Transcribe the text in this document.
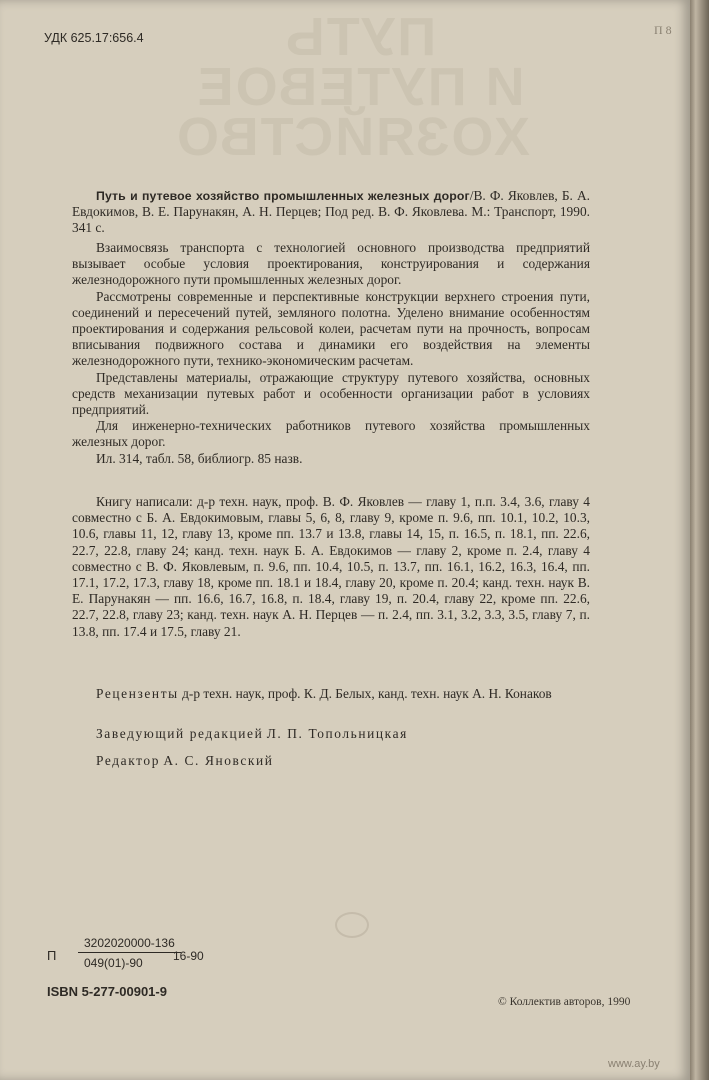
ПУТЬ
И ПУТЕВОЕ
ХОЗЯЙСТВО
УДК 625.17:656.4
П 8

Путь и путевое хозяйство промышленных железных дорог/В. Ф. Яковлев, Б. А. Евдокимов, В. Е. Парунакян, А. Н. Перцев; Под ред. В. Ф. Яковлева. М.: Транспорт, 1990. 341 с.

Взаимосвязь транспорта с технологией основного производства предприятий вызывает особые условия проектирования, конструирования и содержания железнодорожного пути промышленных железных дорог.

Рассмотрены современные и перспективные конструкции верхнего строения пути, соединений и пересечений путей, земляного полотна. Уделено внимание особенностям проектирования и содержания рельсовой колеи, расчетам пути на прочность, вопросам вписывания подвижного состава и динамики его воздействия на элементы железнодорожного пути, технико-экономическим расчетам.

Представлены материалы, отражающие структуру путевого хозяйства, основных средств механизации путевых работ и особенности организации работ в условиях предприятий.

Для инженерно-технических работников путевого хозяйства промышленных железных дорог.

Ил. 314, табл. 58, библиогр. 85 назв.

Книгу написали: д-р техн. наук, проф. В. Ф. Яковлев — главу 1, п.п. 3.4, 3.6, главу 4 совместно с Б. А. Евдокимовым, главы 5, 6, 8, главу 9, кроме п. 9.6, пп. 10.1, 10.2, 10.3, 10.6, главы 11, 12, главу 13, кроме пп. 13.7 и 13.8, главы 14, 15, п. 16.5, п. 18.1, пп. 22.6, 22.7, 22.8, главу 24; канд. техн. наук Б. А. Евдокимов — главу 2, кроме п. 2.4, главу 4 совместно с В. Ф. Яковлевым, п. 9.6, пп. 10.4, 10.5, п. 13.7, пп. 16.1, 16.2, 16.3, 16.4, пп. 17.1, 17.2, 17.3, главу 18, кроме пп. 18.1 и 18.4, главу 20, кроме п. 20.4; канд. техн. наук В. Е. Парунакян — пп. 16.6, 16.7, 16.8, п. 18.4, главу 19, п. 20.4, главу 22, кроме пп. 22.6, 22.7, 22.8, главу 23; канд. техн. наук А. Н. Перцев — п. 2.4, пп. 3.1, 3.2, 3.3, 3.5, главу 7, п. 13.8, пп. 17.4 и 17.5, главу 21.

Рецензенты д-р техн. наук, проф. К. Д. Белых, канд. техн. наук А. Н. Конаков

Заведующий редакцией Л. П. Топольницкая

Редактор А. С. Яновский

П $\frac{3202020000-136}{049(01)-90}$
16-90
ISBN 5-277-00901-9
© Коллектив авторов, 1990
www.ay.by
